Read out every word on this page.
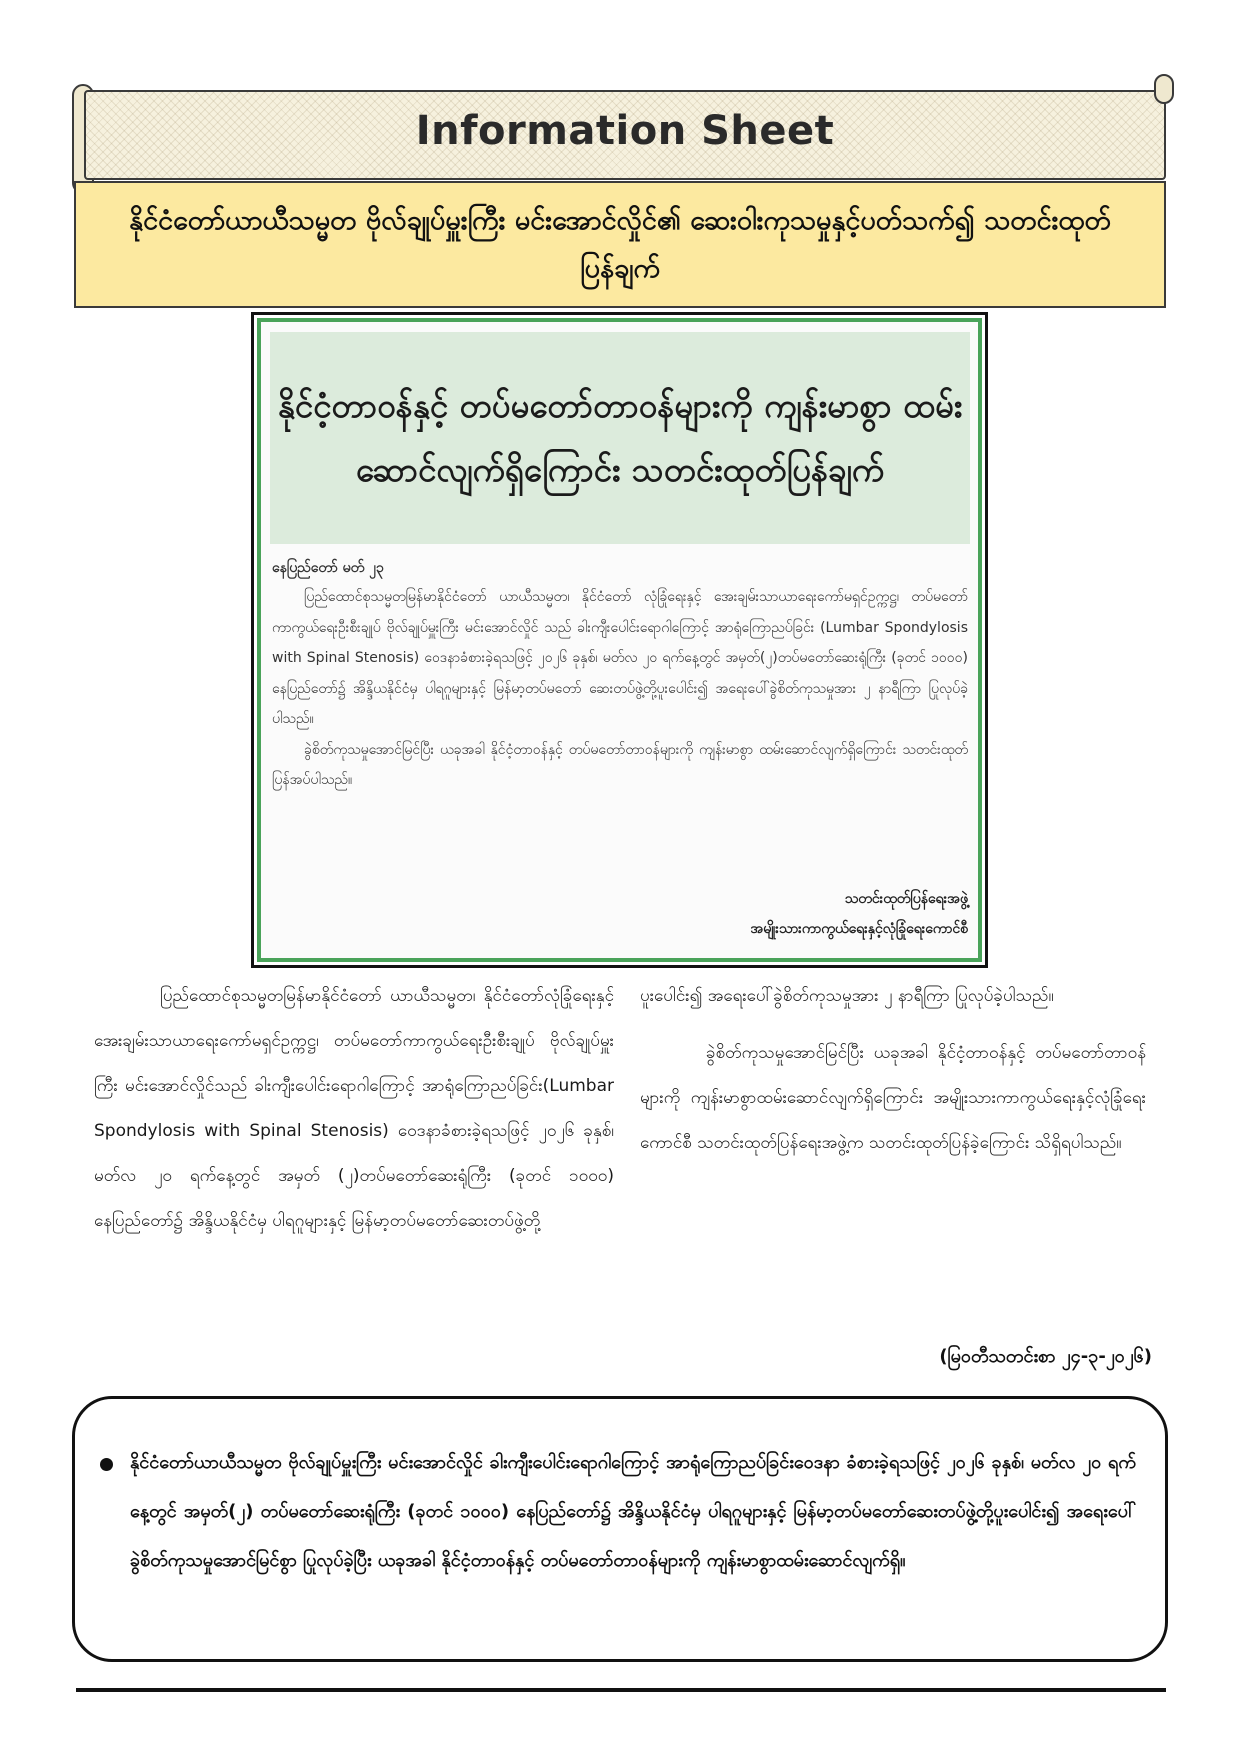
Information Sheet
နိုင်ငံတော်ယာယီသမ္မတ ဗိုလ်ချုပ်မှူးကြီး မင်းအောင်လှိုင်၏ ဆေးဝါးကုသမှုနှင့်ပတ်သက်၍ သတင်းထုတ်ပြန်ချက်
နိုင်ငံ့တာဝန်နှင့် တပ်မတော်တာဝန်များကို ကျန်းမာစွာ ထမ်းဆောင်လျက်ရှိကြောင်း သတင်းထုတ်ပြန်ချက်
နေပြည်တော် မတ် ၂၃

ပြည်ထောင်စုသမ္မတမြန်မာနိုင်ငံတော် ယာယီသမ္မတ၊ နိုင်ငံတော် လုံခြုံရေးနှင့် အေးချမ်းသာယာရေးကော်မရှင်ဥက္ကဋ္ဌ၊ တပ်မတော်ကာကွယ်ရေးဦးစီးချုပ် ဗိုလ်ချုပ်မှူးကြီး မင်းအောင်လှိုင် သည် ခါးကျီးပေါင်းရောဂါကြောင့် အာရုံကြောညပ်ခြင်း (Lumbar Spondylosis with Spinal Stenosis) ဝေဒနာခံစားခဲ့ရသဖြင့် ၂၀၂၆ ခုနှစ်၊ မတ်လ ၂၀ ရက်နေ့တွင် အမှတ်(၂)တပ်မတော်ဆေးရုံကြီး (ခုတင် ၁၀၀၀) နေပြည်တော်၌ အိန္ဒိယနိုင်ငံမှ ပါရဂူများနှင့် မြန်မာ့တပ်မတော် ဆေးတပ်ဖွဲ့တို့ပူးပေါင်း၍ အရေးပေါ်ခွဲစိတ်ကုသမှုအား ၂ နာရီကြာ ပြုလုပ်ခဲ့ပါသည်။

ခွဲစိတ်ကုသမှုအောင်မြင်ပြီး ယခုအခါ နိုင်ငံ့တာဝန်နှင့် တပ်မတော်တာဝန်များကို ကျန်းမာစွာ ထမ်းဆောင်လျက်ရှိကြောင်း သတင်းထုတ်ပြန်အပ်ပါသည်။

သတင်းထုတ်ပြန်ရေးအဖွဲ့
အမျိုးသားကာကွယ်ရေးနှင့်လုံခြုံရေးကောင်စီ

ပြည်ထောင်စုသမ္မတမြန်မာနိုင်ငံတော် ယာယီသမ္မတ၊ နိုင်ငံတော်လုံခြုံရေးနှင့် အေးချမ်းသာယာရေးကော်မရှင်ဥက္ကဋ္ဌ၊ တပ်မတော်ကာကွယ်ရေးဦးစီးချုပ် ဗိုလ်ချုပ်မှူးကြီး မင်းအောင်လှိုင်သည် ခါးကျီးပေါင်းရောဂါကြောင့် အာရုံကြောညပ်ခြင်း(Lumbar Spondylosis with Spinal Stenosis) ဝေဒနာခံစားခဲ့ရသဖြင့် ၂၀၂၆ ခုနှစ်၊ မတ်လ ၂၀ ရက်နေ့တွင် အမှတ် (၂)တပ်မတော်ဆေးရုံကြီး (ခုတင် ၁၀၀၀) နေပြည်တော်၌ အိန္ဒိယနိုင်ငံမှ ပါရဂူများနှင့် မြန်မာ့တပ်မတော်ဆေးတပ်ဖွဲ့တို့

ပူးပေါင်း၍ အရေးပေါ်ခွဲစိတ်ကုသမှုအား ၂ နာရီကြာ ပြုလုပ်ခဲ့ပါသည်။

ခွဲစိတ်ကုသမှုအောင်မြင်ပြီး ယခုအခါ နိုင်ငံ့တာဝန်နှင့် တပ်မတော်တာဝန်များကို ကျန်းမာစွာထမ်းဆောင်လျက်ရှိကြောင်း အမျိုးသားကာကွယ်ရေးနှင့်လုံခြုံရေးကောင်စီ သတင်းထုတ်ပြန်ရေးအဖွဲ့က သတင်းထုတ်ပြန်ခဲ့ကြောင်း သိရှိရပါသည်။

(မြဝတီသတင်းစာ ၂၄-၃-၂၀၂၆)
နိုင်ငံတော်ယာယီသမ္မတ ဗိုလ်ချုပ်မှူးကြီး မင်းအောင်လှိုင် ခါးကျီးပေါင်းရောဂါကြောင့် အာရုံကြောညပ်ခြင်းဝေဒနာ ခံစားခဲ့ရသဖြင့် ၂၀၂၆ ခုနှစ်၊ မတ်လ ၂၀ ရက်နေ့တွင် အမှတ်(၂) တပ်မတော်ဆေးရုံကြီး (ခုတင် ၁၀၀၀) နေပြည်တော်၌ အိန္ဒိယနိုင်ငံမှ ပါရဂူများနှင့် မြန်မာ့တပ်မတော်ဆေးတပ်ဖွဲ့တို့ပူးပေါင်း၍ အရေးပေါ်ခွဲစိတ်ကုသမှုအောင်မြင်စွာ ပြုလုပ်ခဲ့ပြီး ယခုအခါ နိုင်ငံ့တာဝန်နှင့် တပ်မတော်တာဝန်များကို ကျန်းမာစွာထမ်းဆောင်လျက်ရှိ။
